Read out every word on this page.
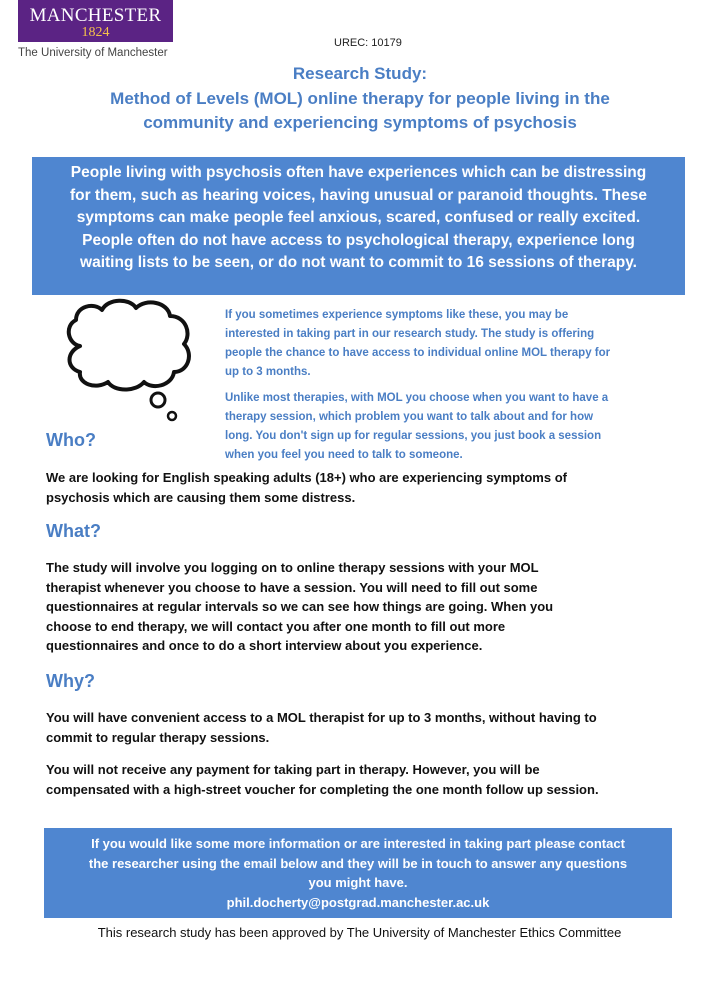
MANCHESTER
1824
The University of Manchester
UREC: 10179
Research Study:
Method of Levels (MOL) online therapy for people living in the
community and experiencing symptoms of psychosis

People living with psychosis often have experiences which can be distressing
for them, such as hearing voices, having unusual or paranoid thoughts. These
symptoms can make people feel anxious, scared, confused or really excited.
People often do not have access to psychological therapy, experience long
waiting lists to be seen, or do not want to commit to 16 sessions of therapy.

If you sometimes experience symptoms like these, you may be
interested in taking part in our research study. The study is offering
people the chance to have access to individual online MOL therapy for
up to 3 months.
Unlike most therapies, with MOL you choose when you want to have a
therapy session, which problem you want to talk about and for how
long. You don't sign up for regular sessions, you just book a session
when you feel you need to talk to someone.
Who?
We are looking for English speaking adults (18+) who are experiencing symptoms of
psychosis which are causing them some distress.
What?
The study will involve you logging on to online therapy sessions with your MOL
therapist whenever you choose to have a session. You will need to fill out some
questionnaires at regular intervals so we can see how things are going. When you
choose to end therapy, we will contact you after one month to fill out more
questionnaires and once to do a short interview about you experience.
Why?
You will have convenient access to a MOL therapist for up to 3 months, without having to
commit to regular therapy sessions.
You will not receive any payment for taking part in therapy. However, you will be
compensated with a high-street voucher for completing the one month follow up session.

If you would like some more information or are interested in taking part please contact
the researcher using the email below and they will be in touch to answer any questions
you might have.
phil.docherty@postgrad.manchester.ac.uk

This research study has been approved by The University of Manchester Ethics Committee
